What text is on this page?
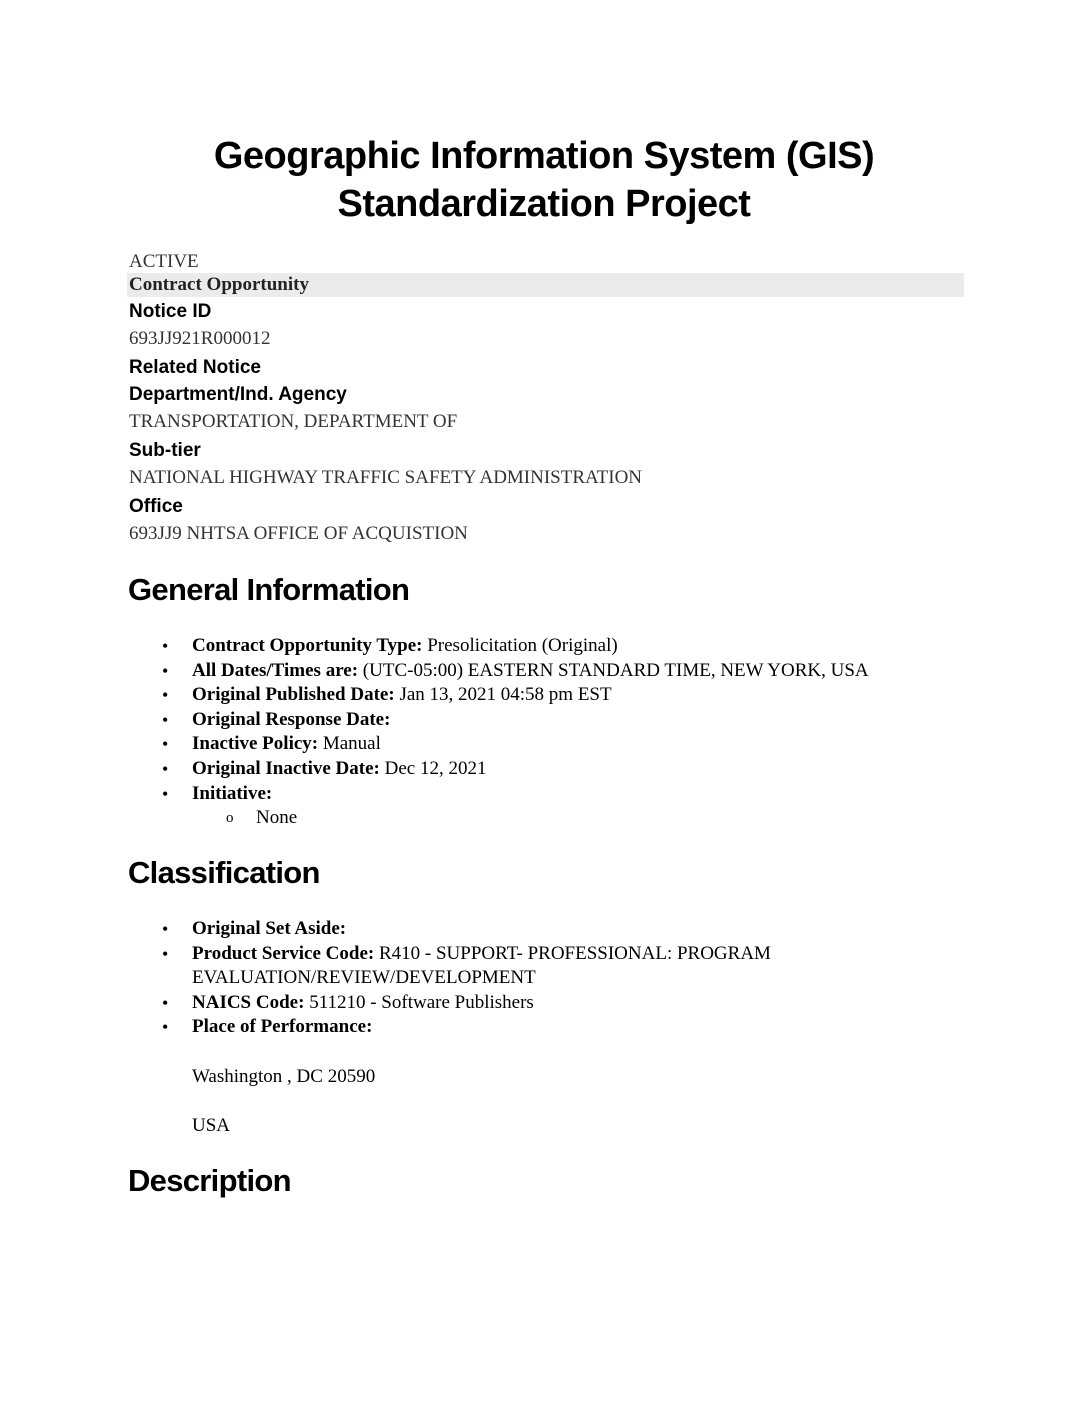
Geographic Information System (GIS)
Standardization Project
ACTIVE
Contract Opportunity
Notice ID
693JJ921R000012
Related Notice
Department/Ind. Agency
TRANSPORTATION, DEPARTMENT OF
Sub-tier
NATIONAL HIGHWAY TRAFFIC SAFETY ADMINISTRATION
Office
693JJ9 NHTSA OFFICE OF ACQUISTION
General Information
• Contract Opportunity Type: Presolicitation (Original)
• All Dates/Times are: (UTC-05:00) EASTERN STANDARD TIME, NEW YORK, USA
• Original Published Date: Jan 13, 2021 04:58 pm EST
• Original Response Date:
• Inactive Policy: Manual
• Original Inactive Date: Dec 12, 2021
• Initiative:
o None
Classification
• Original Set Aside:
• Product Service Code: R410 - SUPPORT- PROFESSIONAL: PROGRAM EVALUATION/REVIEW/DEVELOPMENT
• NAICS Code: 511210 - Software Publishers
• Place of Performance:
Washington , DC 20590
USA
Description
